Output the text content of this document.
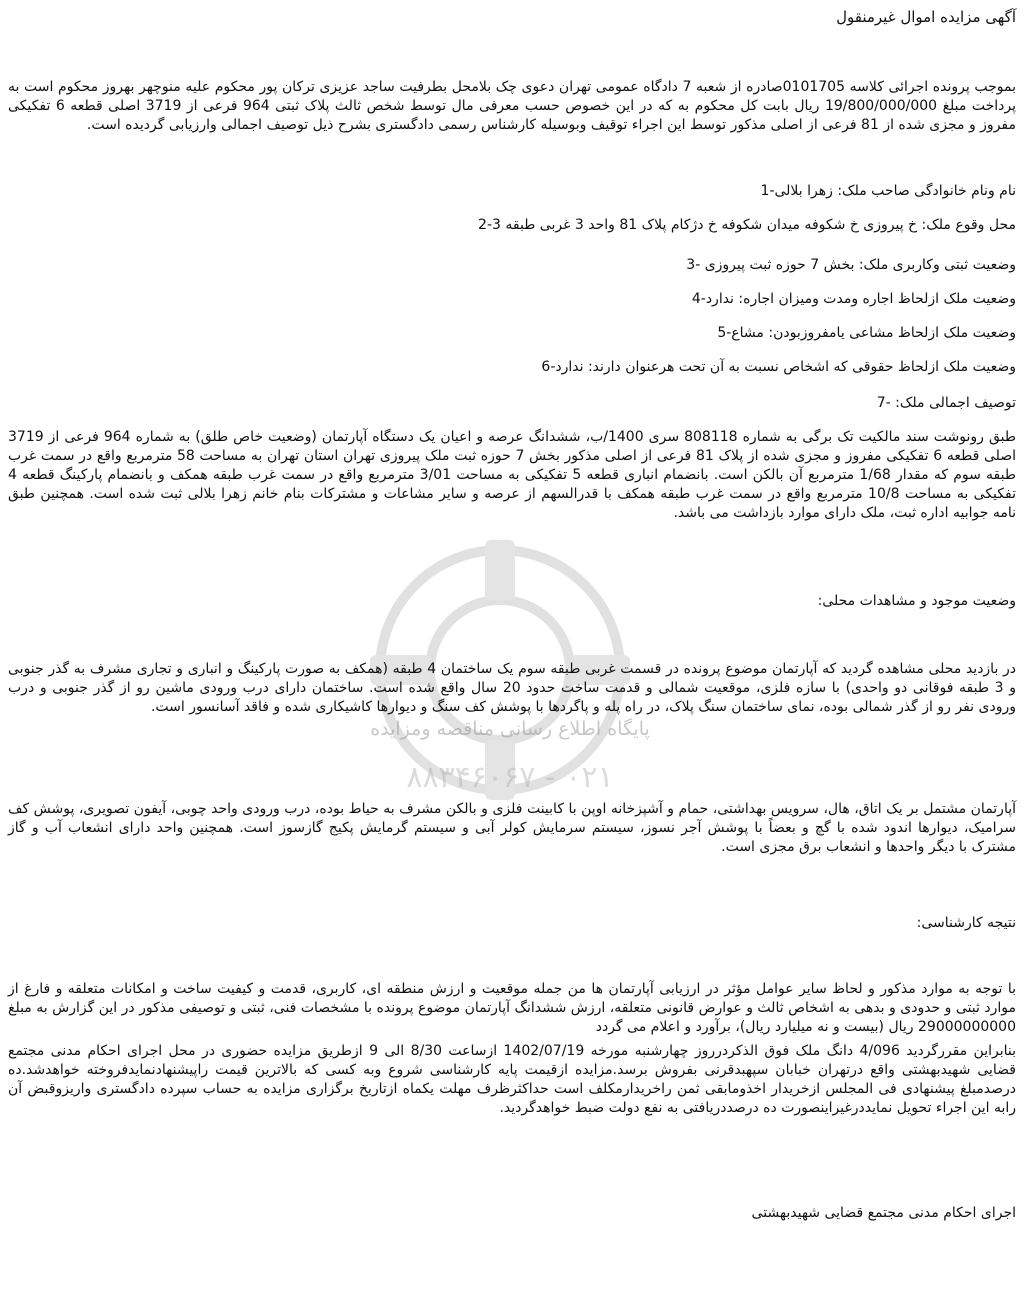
پایگاه اطلاع رسانی مناقصه ومزایده
۰۲۱ - ۸۸۳۴۶۰۶۷
آگهی مزایده اموال غیرمنقول
بموجب پرونده اجرائی کلاسه 0101705صادره از شعبه 7 دادگاه عمومی تهران دعوی چک بلامحل بطرفیت ساجد عزیزی ترکان پور محکوم علیه منوچهر بهروز محکوم است به پرداخت مبلغ 19/800/000/000 ریال بابت کل محکوم به که در این خصوص حسب معرفی مال توسط شخص ثالث پلاک ثبتی 964 فرعی از 3719 اصلی قطعه 6 تفکیکی مفروز و مجزی شده از 81 فرعی از اصلی مذکور توسط این اجراء توقیف وبوسیله کارشناس رسمی دادگستری بشرح ذیل توصیف اجمالی وارزیابی گردیده است.
نام ونام خانوادگی صاحب ملک: زهرا بلالی-1
محل وقوع ملک: خ پیروزی خ شکوفه میدان شکوفه خ دژکام پلاک 81 واحد 3 غربی طبقه 3-2
وضعیت ثبتی وکاربری ملک: بخش 7 حوزه ثبت پیروزی -3
وضعیت ملک ازلحاظ اجاره ومدت ومیزان اجاره: ندارد-4
وضعیت ملک ازلحاظ مشاعی یامفروزبودن: مشاع-5
وضعیت ملک ازلحاظ حقوقی که اشخاص نسبت به آن تحت هرعنوان دارند: ندارد-6
توصیف اجمالی ملک: -7
طبق رونوشت سند مالکیت تک برگی به شماره 808118 سری 1400/ب، ششدانگ عرصه و اعیان یک دستگاه آپارتمان (وضعیت خاص طلق) به شماره 964 فرعی از 3719 اصلی قطعه 6 تفکیکی مفروز و مجزی شده از پلاک 81 فرعی از اصلی مذکور بخش 7 حوزه ثبت ملک پیروزی تهران استان تهران به مساحت 58 مترمربع واقع در سمت غرب طبقه سوم که مقدار 1/68 مترمربع آن بالکن است. بانضمام انباری قطعه 5 تفکیکی به مساحت 3/01 مترمربع واقع در سمت غرب طبقه همکف و بانضمام پارکینگ قطعه 4 تفکیکی به مساحت 10/8 مترمربع واقع در سمت غرب طبقه همکف با قدرالسهم از عرصه و سایر مشاعات و مشترکات بنام خانم زهرا بلالی ثبت شده است. همچنین طبق نامه جوابیه اداره ثبت، ملک دارای موارد بازداشت می باشد.
وضعیت موجود و مشاهدات محلی:
در بازدید محلی مشاهده گردید که آپارتمان موضوع پرونده در قسمت غربی طبقه سوم یک ساختمان 4 طبقه (همکف به صورت پارکینگ و انباری و تجاری مشرف به گذر جنوبی و 3 طبقه فوقانی دو واحدی) با سازه فلزی، موقعیت شمالی و قدمت ساخت حدود 20 سال واقع شده است. ساختمان دارای درب ورودی ماشین رو از گذر جنوبی و درب ورودی نفر رو از گذر شمالی بوده، نمای ساختمان سنگ پلاک، در راه پله و پاگردها با پوشش کف سنگ و دیوارها کاشیکاری شده و فاقد آسانسور است.
آپارتمان مشتمل بر یک اتاق، هال، سرویس بهداشتی، حمام و آشپزخانه اوپن با کابینت فلزی و بالکن مشرف به حیاط بوده، درب ورودی واحد چوبی، آیفون تصویری، پوشش کف سرامیک، دیوارها اندود شده با گچ و بعضاً با پوشش آجر نسوز، سیستم سرمایش کولر آبی و سیستم گرمایش پکیج گازسوز است. همچنین واحد دارای انشعاب آب و گاز مشترک با دیگر واحدها و انشعاب برق مجزی است.
نتیجه کارشناسی:
با توجه به موارد مذکور و لحاظ سایر عوامل مؤثر در ارزیابی آپارتمان ها من جمله موقعیت و ارزش منطقه ای، کاربری، قدمت و کیفیت ساخت و امکانات متعلقه و فارغ از موارد ثبتی و حدودی و بدهی به اشخاص ثالث و عوارض قانونی متعلقه، ارزش ششدانگ آپارتمان موضوع پرونده با مشخصات فنی، ثبتی و توصیفی مذکور در این گزارش به مبلغ 29000000000 ریال (بیست و نه میلیارد ریال)، برآورد و اعلام می گردد
بنابراین مقررگردید 4/096 دانگ ملک فوق الذکردرروز چهارشنبه مورخه 1402/07/19 ازساعت 8/30 الی 9 ازطریق مزایده حضوری در محل اجرای احکام مدنی مجتمع قضایی شهیدبهشتی واقع درتهران خبابان سپهبدقرنی بفروش برسد.مزایده ازقیمت پایه کارشناسی شروع وبه کسی که بالاترین قیمت راپیشنهادنمایدفروخته خواهدشد.ده درصدمبلغ پیشنهادی فی المجلس ازخریدار اخذومابقی ثمن راخریدارمکلف است حداکثرظرف مهلت یکماه ازتاریخ برگزاری مزایده به حساب سپرده دادگستری واریزوقبض آن رابه این اجراء تحویل نمایددرغیراینصورت ده درصددریافتی به نفع دولت ضبط خواهدگردید.
اجرای احکام مدنی مجتمع قضایی شهیدبهشتی
